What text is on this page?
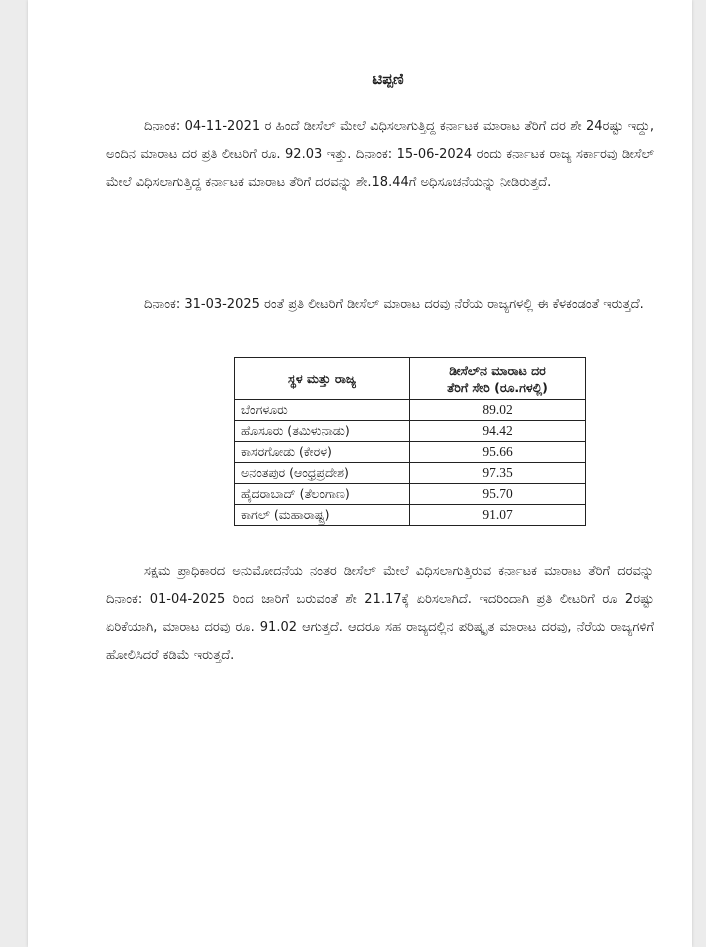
ಟಿಪ್ಪಣಿ

ದಿನಾಂಕ: 04-11-2021 ರ ಹಿಂದೆ ಡೀಸೆಲ್ ಮೇಲೆ ವಿಧಿಸಲಾಗುತ್ತಿದ್ದ ಕರ್ನಾಟಕ ಮಾರಾಟ ತೆರಿಗೆ ದರ ಶೇ 24ರಷ್ಟು ಇದ್ದು, ಅಂದಿನ ಮಾರಾಟ ದರ ಪ್ರತಿ ಲೀಟರಿಗೆ ರೂ. 92.03 ಇತ್ತು. ದಿನಾಂಕ: 15-06-2024 ರಂದು ಕರ್ನಾಟಕ ರಾಜ್ಯ ಸರ್ಕಾರವು ಡೀಸೆಲ್ ಮೇಲೆ ವಿಧಿಸಲಾಗುತ್ತಿದ್ದ ಕರ್ನಾಟಕ ಮಾರಾಟ ತೆರಿಗೆ ದರವನ್ನು ಶೇ.18.44ಗೆ ಅಧಿಸೂಚನೆಯನ್ನು ನೀಡಿರುತ್ತದೆ.

ದಿನಾಂಕ: 31-03-2025 ರಂತೆ ಪ್ರತಿ ಲೀಟರಿಗೆ ಡೀಸೆಲ್ ಮಾರಾಟ ದರವು ನೆರೆಯ ರಾಜ್ಯಗಳಲ್ಲಿ ಈ ಕೆಳಕಂಡಂತೆ ಇರುತ್ತದೆ.

ಸ್ಥಳ ಮತ್ತು ರಾಜ್ಯ	ಡೀಸೆಲ್‌ನ ಮಾರಾಟ ದರ
ತೆರಿಗೆ ಸೇರಿ (ರೂ.ಗಳಲ್ಲಿ)

ಬೆಂಗಳೂರು	89.02
ಹೊಸೂರು (ತಮಿಳುನಾಡು)	94.42
ಕಾಸರಗೋಡು (ಕೇರಳ)	95.66
ಅನಂತಪುರ (ಆಂಧ್ರಪ್ರದೇಶ)	97.35
ಹೈದರಾಬಾದ್ (ತೆಲಂಗಾಣ)	95.70
ಕಾಗಲ್ (ಮಹಾರಾಷ್ಟ್ರ)	91.07

ಸಕ್ಷಮ ಪ್ರಾಧಿಕಾರದ ಅನುಮೋದನೆಯ ನಂತರ ಡೀಸೆಲ್ ಮೇಲೆ ವಿಧಿಸಲಾಗುತ್ತಿರುವ ಕರ್ನಾಟಕ ಮಾರಾಟ ತೆರಿಗೆ ದರವನ್ನು ದಿನಾಂಕ: 01-04-2025 ರಿಂದ ಜಾರಿಗೆ ಬರುವಂತೆ ಶೇ 21.17ಕ್ಕೆ ಏರಿಸಲಾಗಿದೆ. ಇದರಿಂದಾಗಿ ಪ್ರತಿ ಲೀಟರಿಗೆ ರೂ 2ರಷ್ಟು ಏರಿಕೆಯಾಗಿ, ಮಾರಾಟ ದರವು ರೂ. 91.02 ಆಗುತ್ತದೆ. ಆದರೂ ಸಹ ರಾಜ್ಯದಲ್ಲಿನ ಪರಿಷ್ಕೃತ ಮಾರಾಟ ದರವು, ನೆರೆಯ ರಾಜ್ಯಗಳಿಗೆ ಹೋಲಿಸಿದರೆ ಕಡಿಮೆ ಇರುತ್ತದೆ.
